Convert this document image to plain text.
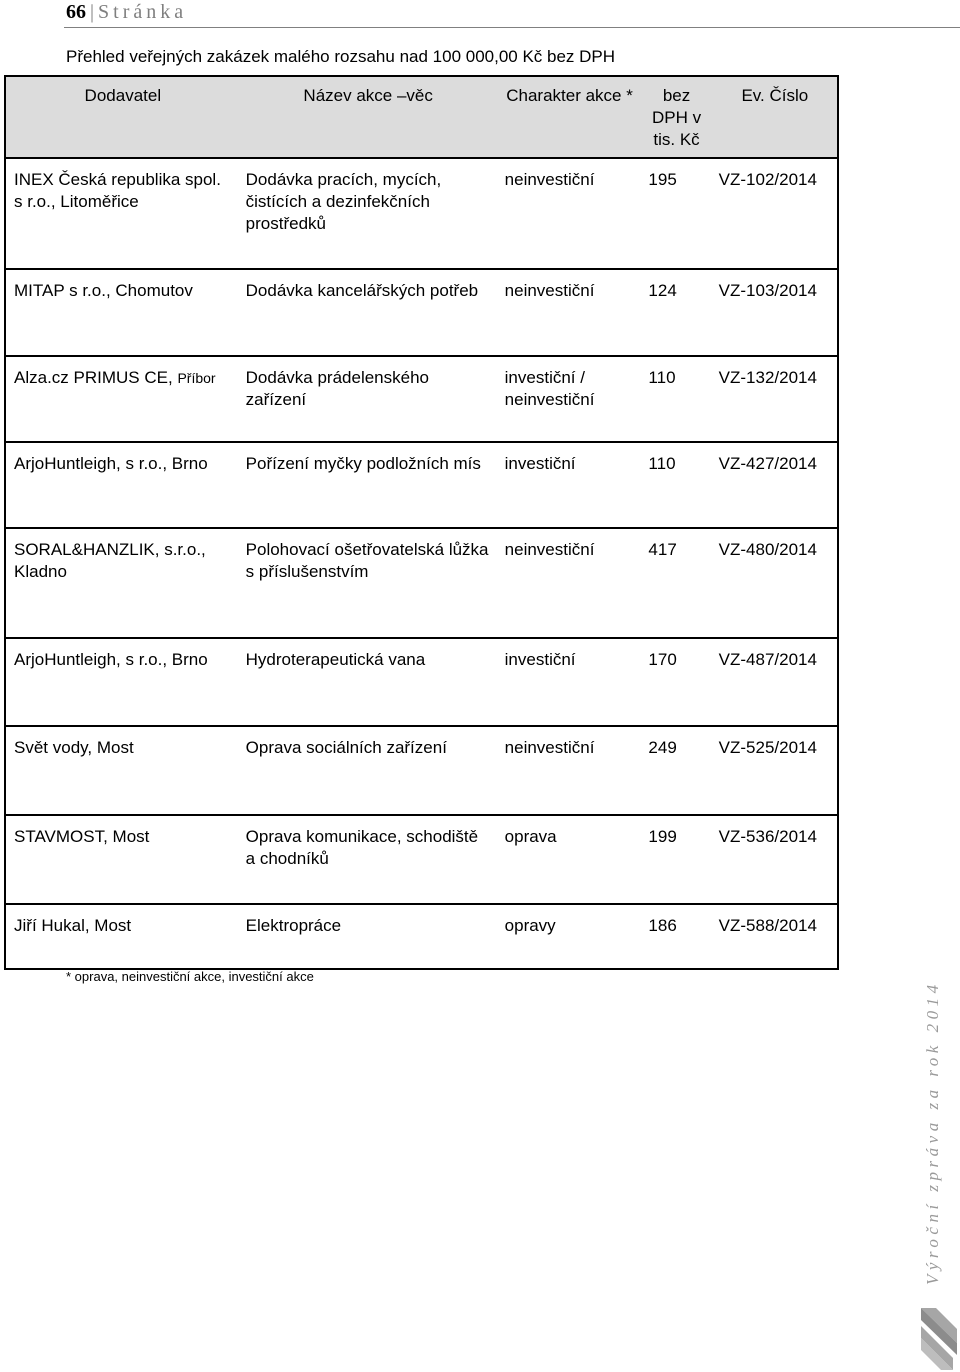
66 | Stránka
Přehled veřejných zakázek malého rozsahu nad 100 000,00 Kč bez DPH
Dodavatel	Název akce –věc	Charakter akce *	bez DPH v tis. Kč	Ev. Číslo
INEX Česká republika spol. s r.o., Litoměřice	Dodávka pracích, mycích, čistících a dezinfekčních prostředků	neinvestiční	195	VZ-102/2014
MITAP s r.o., Chomutov	Dodávka kancelářských potřeb	neinvestiční	124	VZ-103/2014
Alza.cz PRIMUS CE, Příbor	Dodávka prádelenského zařízení	investiční / neinvestiční	110	VZ-132/2014
ArjoHuntleigh, s r.o., Brno	Pořízení myčky podložních mís	investiční	110	VZ-427/2014
SORAL&HANZLIK, s.r.o., Kladno	Polohovací ošetřovatelská lůžka s příslušenstvím	neinvestiční	417	VZ-480/2014
ArjoHuntleigh, s r.o., Brno	Hydroterapeutická vana	investiční	170	VZ-487/2014
Svět vody, Most	Oprava sociálních zařízení	neinvestiční	249	VZ-525/2014
STAVMOST, Most	Oprava komunikace, schodiště a chodníků	oprava	199	VZ-536/2014
Jiří Hukal, Most	Elektropráce	opravy	186	VZ-588/2014
* oprava, neinvestiční akce, investiční akce
Výroční zpráva za rok 2014
